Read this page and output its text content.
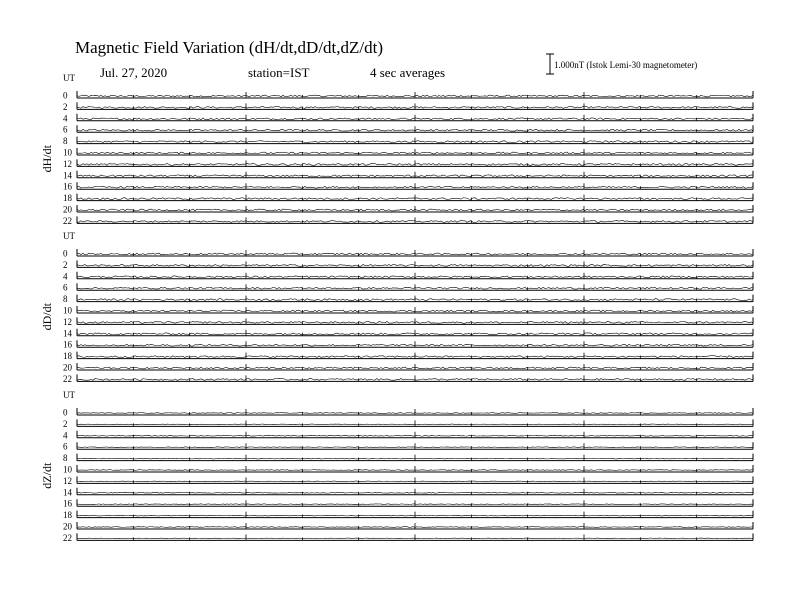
Magnetic Field Variation (dH/dt,dD/dt,dZ/dt)
Jul. 27, 2020	station=IST	4 sec averages	1.000nT (Istok Lemi-30 magnetometer)
UT
dH/dt
0
2
4
6
8
10
12
14
16
18
20
22
UT
dD/dt
0
2
4
6
8
10
12
14
16
18
20
22
UT
dZ/dt
0
2
4
6
8
10
12
14
16
18
20
22
